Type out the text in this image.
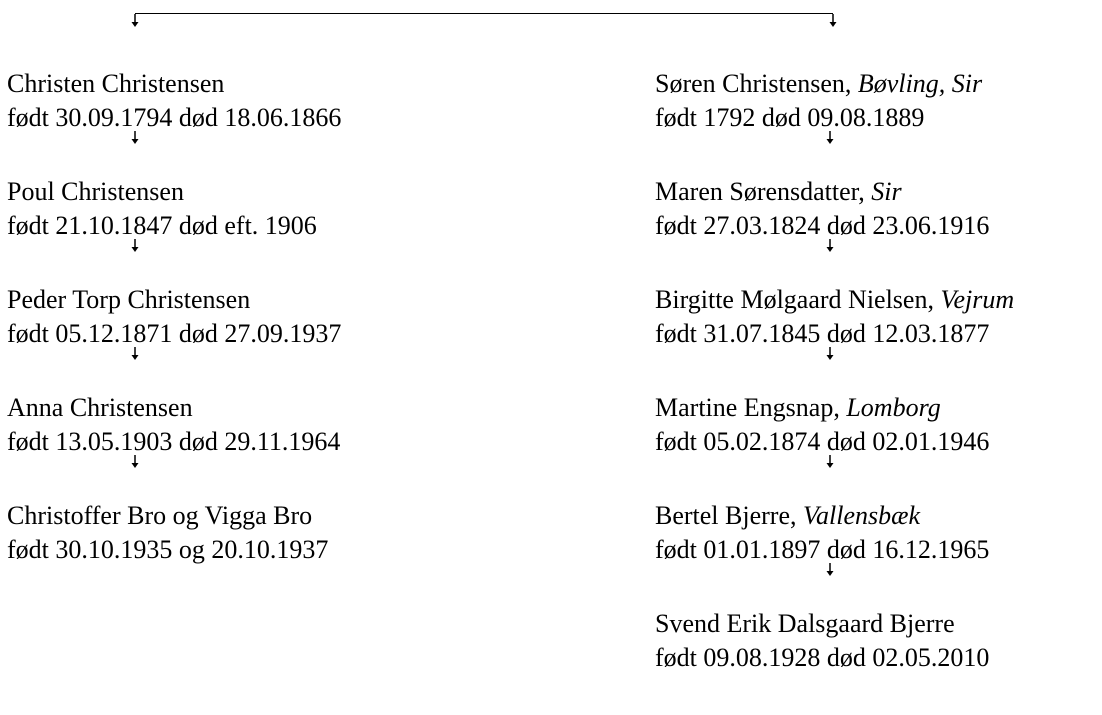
Christen Christensen
født 30.09.1794 død 18.06.1866
Poul Christensen
født 21.10.1847 død eft. 1906
Peder Torp Christensen
født 05.12.1871 død 27.09.1937
Anna Christensen
født 13.05.1903 død 29.11.1964
Christoffer Bro og Vigga Bro
født 30.10.1935 og 20.10.1937
Søren Christensen, Bøvling, Sir
født 1792 død 09.08.1889
Maren Sørensdatter, Sir
født 27.03.1824 død 23.06.1916
Birgitte Mølgaard Nielsen, Vejrum
født 31.07.1845 død 12.03.1877
Martine Engsnap, Lomborg
født 05.02.1874 død 02.01.1946
Bertel Bjerre, Vallensbæk
født 01.01.1897 død 16.12.1965
Svend Erik Dalsgaard Bjerre
født 09.08.1928 død 02.05.2010
